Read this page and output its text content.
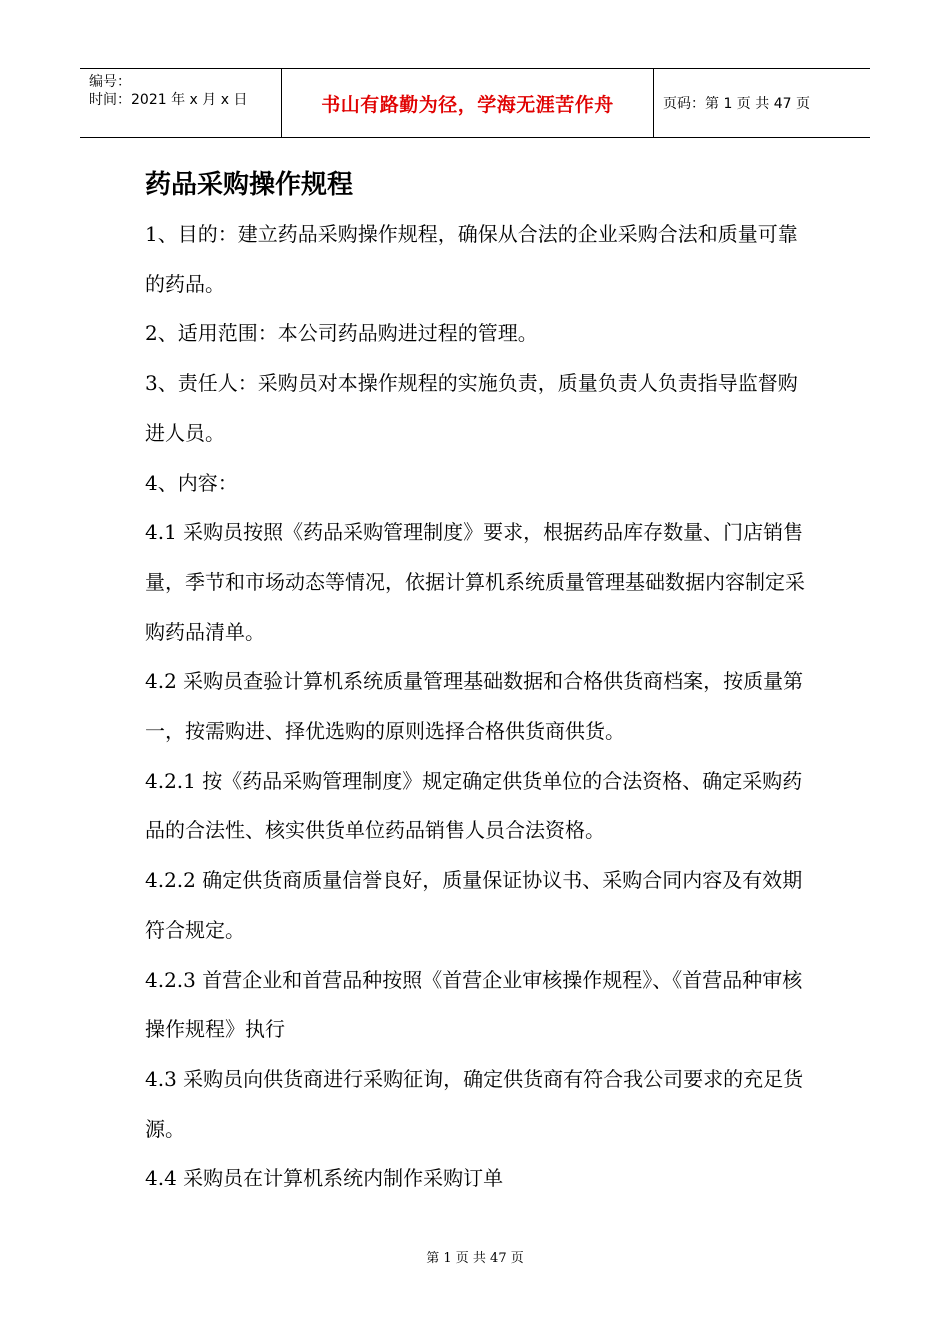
编号：
时间：2021 年 x 月 x 日	书山有路勤为径，学海无涯苦作舟	页码：第 1 页 共 47 页
药品采购操作规程

1、目的：建立药品采购操作规程，确保从合法的企业采购合法和质量可靠的药品。

2、适用范围：本公司药品购进过程的管理。

3、责任人：采购员对本操作规程的实施负责，质量负责人负责指导监督购进人员。

4、内容：

4.1 采购员按照《药品采购管理制度》要求，根据药品库存数量、门店销售量，季节和市场动态等情况，依据计算机系统质量管理基础数据内容制定采购药品清单。

4.2 采购员查验计算机系统质量管理基础数据和合格供货商档案，按质量第一，按需购进、择优选购的原则选择合格供货商供货。

4.2.1 按《药品采购管理制度》规定确定供货单位的合法资格、确定采购药品的合法性、核实供货单位药品销售人员合法资格。

4.2.2 确定供货商质量信誉良好，质量保证协议书、采购合同内容及有效期符合规定。

4.2.3 首营企业和首营品种按照《首营企业审核操作规程》、《首营品种审核操作规程》执行

4.3 采购员向供货商进行采购征询，确定供货商有符合我公司要求的充足货源。

4.4 采购员在计算机系统内制作采购订单

第 1 页 共 47 页
